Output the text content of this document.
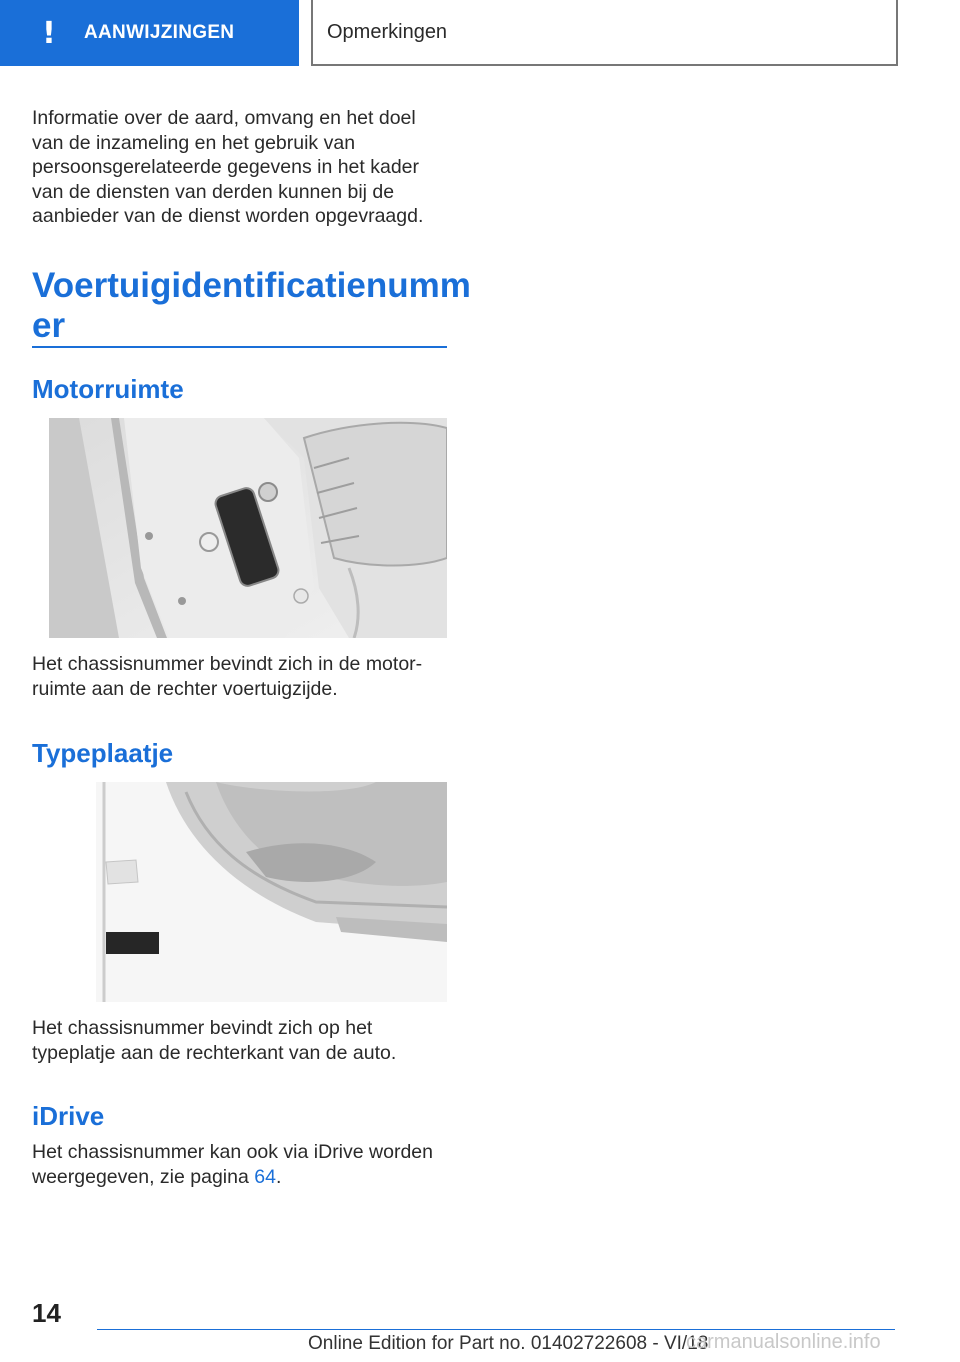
! AANWIJZINGEN	Opmerkingen

Informatie over de aard, omvang en het doel van de inzameling en het gebruik van persoonsgerelateerde gegevens in het kader van de diensten van derden kunnen bij de aanbieder van de dienst worden opgevraagd.

Voertuigidentificatienumm er
Motorruimte

Het chassisnummer bevindt zich in de motorruimte aan de rechter voertuigzijde.

Typeplaatje

Het chassisnummer bevindt zich op het typeplatje aan de rechterkant van de auto.

iDrive

Het chassisnummer kan ook via iDrive worden weergegeven, zie pagina 64.

14
Online Edition for Part no. 01402722608 - VI/18
carmanualsonline.info
